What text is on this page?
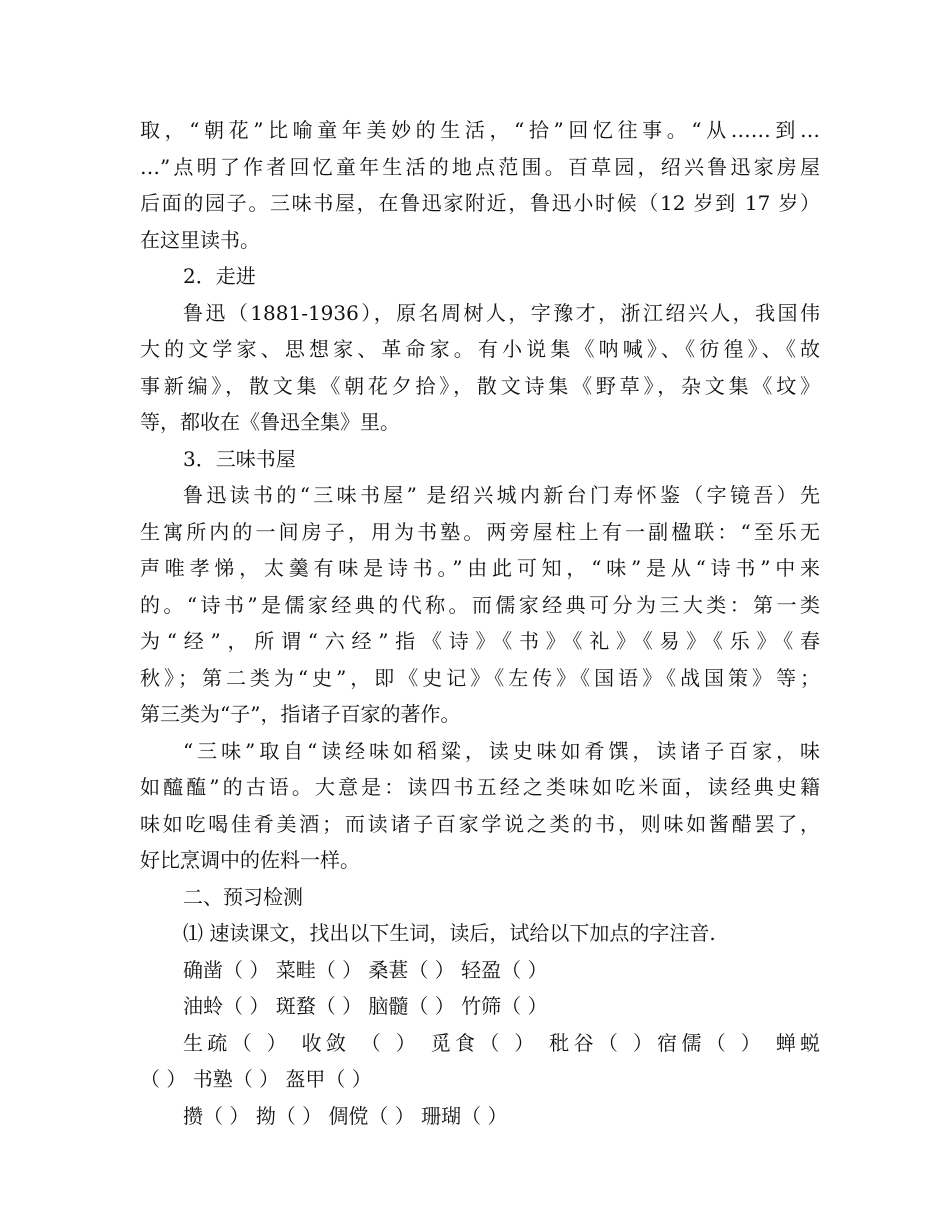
取，“朝花”比喻童年美妙的生活，“拾”回忆往事。“从……到…
…”点明了作者回忆童年生活的地点范围。百草园，绍兴鲁迅家房屋
后面的园子。三味书屋，在鲁迅家附近，鲁迅小时候（12 岁到 17 岁）
在这里读书。
2．走进
鲁迅（1881-1936），原名周树人，字豫才，浙江绍兴人，我国伟
大的文学家、思想家、革命家。有小说集《呐喊》、《彷徨》、《故
事新编》，散文集《朝花夕拾》，散文诗集《野草》，杂文集《坟》
等，都收在《鲁迅全集》里。
3．三味书屋
鲁迅读书的“三味书屋” 是绍兴城内新台门寿怀鉴（字镜吾）先
生寓所内的一间房子，用为书塾。两旁屋柱上有一副楹联：“至乐无
声唯孝悌，太羹有味是诗书。”由此可知，“味”是从“诗书”中来
的。“诗书”是儒家经典的代称。而儒家经典可分为三大类：第一类
为“经”，所谓“六经”指《诗》《书》《礼》《易》《乐》《春
秋》；第二类为“史”，即《史记》《左传》《国语》《战国策》等；
第三类为“子”，指诸子百家的著作。
“三味”取自“读经味如稻粱，读史味如肴馔，读诸子百家，味
如醯醢”的古语。大意是：读四书五经之类味如吃米面，读经典史籍
味如吃喝佳肴美酒；而读诸子百家学说之类的书，则味如酱醋罢了，
好比烹调中的佐料一样。
二、预习检测
⑴ 速读课文，找出以下生词，读后，试给以下加点的字注音.
确凿（ ） 菜畦（ ） 桑葚（ ） 轻盈（ ）
油蛉（ ） 斑蝥（ ） 脑髓（ ） 竹筛（ ）
生疏（ ） 收敛 （ ） 觅食（ ） 秕谷（ ）宿儒（ ） 蝉蜕
（ ） 书塾（ ） 盔甲（ ）
攒（ ） 拗（ ） 倜傥（ ） 珊瑚（ ）
